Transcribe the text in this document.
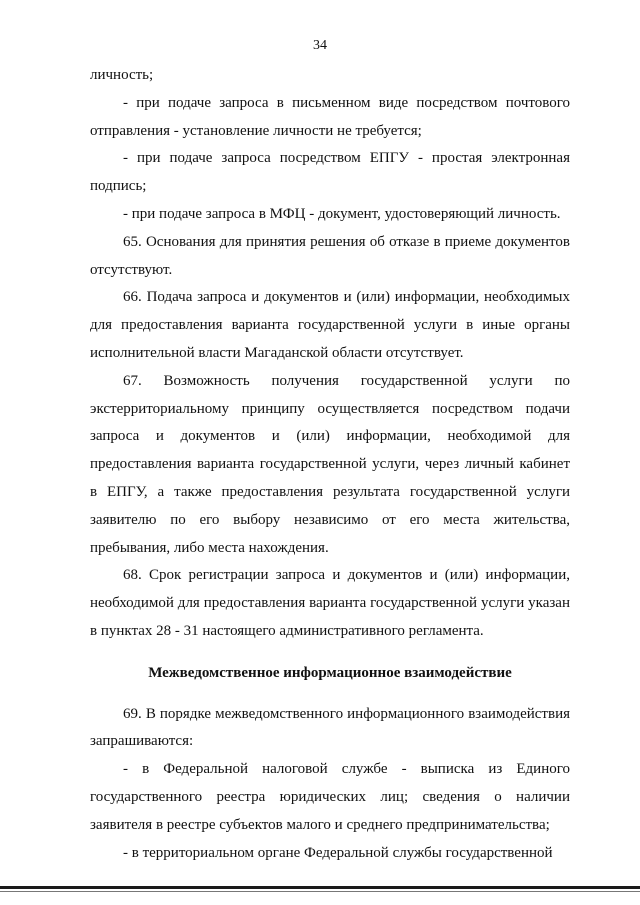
34

личность;

- при подаче запроса в письменном виде посредством почтового отправления - установление личности не требуется;

- при подаче запроса посредством ЕПГУ - простая электронная подпись;

- при подаче запроса в МФЦ - документ, удостоверяющий личность.

65. Основания для принятия решения об отказе в приеме документов отсутствуют.

66. Подача запроса и документов и (или) информации, необходимых для предоставления варианта государственной услуги в иные органы исполнительной власти Магаданской области отсутствует.

67. Возможность получения государственной услуги по экстерриториальному принципу осуществляется посредством подачи запроса и документов и (или) информации, необходимой для предоставления варианта государственной услуги, через личный кабинет в ЕПГУ, а также предоставления результата государственной услуги заявителю по его выбору независимо от его места жительства, пребывания, либо места нахождения.

68. Срок регистрации запроса и документов и (или) информации, необходимой для предоставления варианта государственной услуги указан в пунктах 28 - 31 настоящего административного регламента.

Межведомственное информационное взаимодействие

69. В порядке межведомственного информационного взаимодействия запрашиваются:

- в Федеральной налоговой службе - выписка из Единого государственного реестра юридических лиц; сведения о наличии заявителя в реестре субъектов малого и среднего предпринимательства;

- в территориальном органе Федеральной службы государственной
